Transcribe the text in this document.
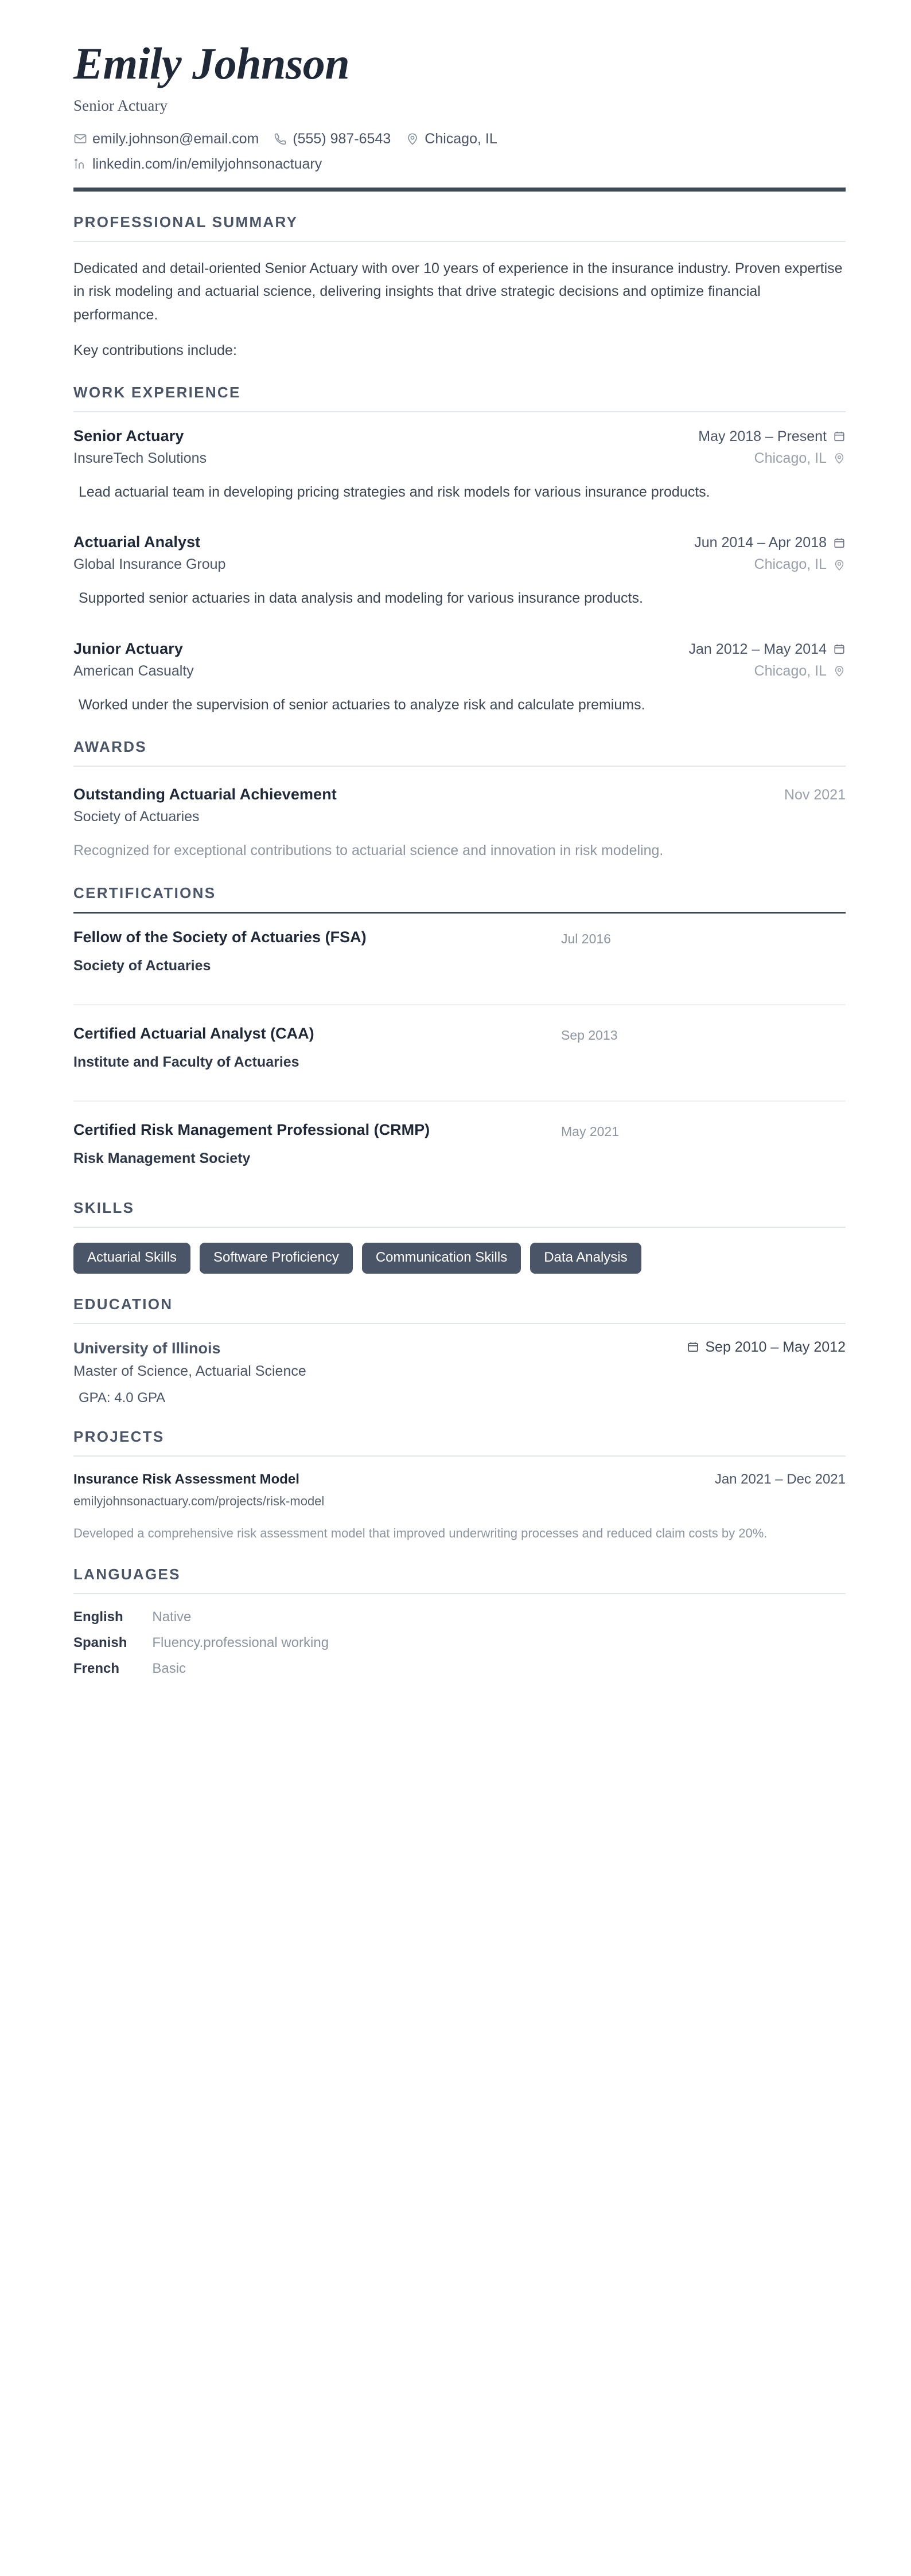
Emily Johnson
Senior Actuary
emily.johnson@email.com (555) 987-6543 Chicago, IL
linkedin.com/in/emilyjohnsonactuary
PROFESSIONAL SUMMARY

Dedicated and detail-oriented Senior Actuary with over 10 years of experience in the insurance industry. Proven expertise in risk modeling and actuarial science, delivering insights that drive strategic decisions and optimize financial performance.

Key contributions include:

WORK EXPERIENCE
Senior Actuary	May 2018 – Present
InsureTech Solutions	Chicago, IL
Lead actuarial team in developing pricing strategies and risk models for various insurance products.
Actuarial Analyst	Jun 2014 – Apr 2018
Global Insurance Group	Chicago, IL
Supported senior actuaries in data analysis and modeling for various insurance products.
Junior Actuary	Jan 2012 – May 2014
American Casualty	Chicago, IL
Worked under the supervision of senior actuaries to analyze risk and calculate premiums.
AWARDS
Outstanding Actuarial Achievement	Nov 2021
Society of Actuaries
Recognized for exceptional contributions to actuarial science and innovation in risk modeling.
CERTIFICATIONS
Fellow of the Society of Actuaries (FSA)
Society of Actuaries
Jul 2016
Certified Actuarial Analyst (CAA)
Institute and Faculty of Actuaries
Sep 2013
Certified Risk Management Professional (CRMP)
Risk Management Society
May 2021
SKILLS
Actuarial Skills	Software Proficiency	Communication Skills	Data Analysis
EDUCATION
University of Illinois	Sep 2010 – May 2012
Master of Science, Actuarial Science
GPA: 4.0 GPA
PROJECTS
Insurance Risk Assessment Model	Jan 2021 – Dec 2021
emilyjohnsonactuary.com/projects/risk-model
Developed a comprehensive risk assessment model that improved underwriting processes and reduced claim costs by 20%.
LANGUAGES
English	Native
Spanish	Fluency.professional working
French	Basic
